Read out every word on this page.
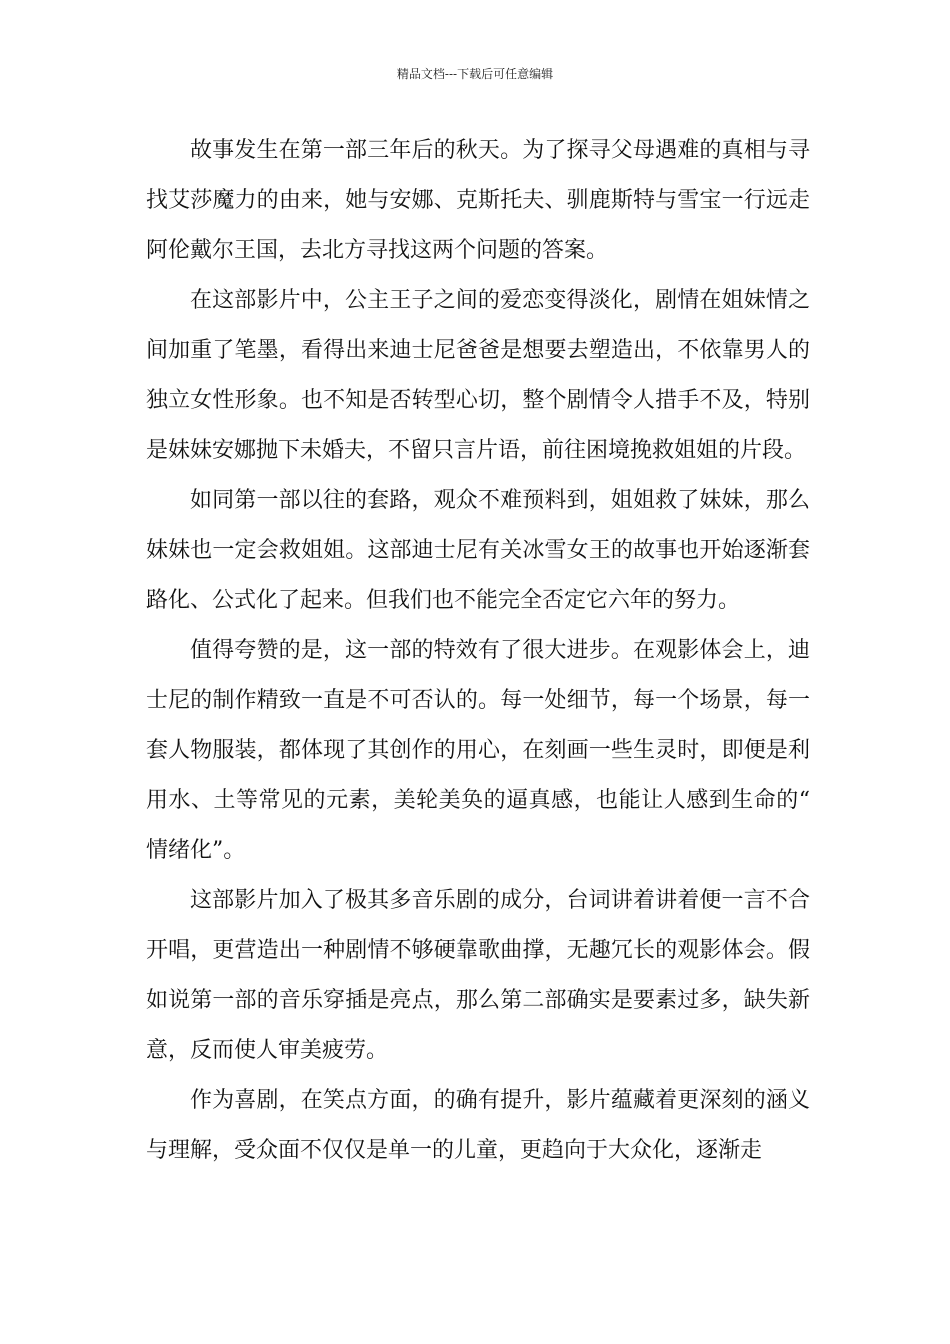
精品文档---下载后可任意编辑

故事发生在第一部三年后的秋天。为了探寻父母遇难的真相与寻找艾莎魔力的由来，她与安娜、克斯托夫、驯鹿斯特与雪宝一行远走阿伦戴尔王国，去北方寻找这两个问题的答案。

在这部影片中，公主王子之间的爱恋变得淡化，剧情在姐妹情之间加重了笔墨，看得出来迪士尼爸爸是想要去塑造出，不依靠男人的独立女性形象。也不知是否转型心切，整个剧情令人措手不及，特别是妹妹安娜抛下未婚夫，不留只言片语，前往困境挽救姐姐的片段。

如同第一部以往的套路，观众不难预料到，姐姐救了妹妹，那么妹妹也一定会救姐姐。这部迪士尼有关冰雪女王的故事也开始逐渐套路化、公式化了起来。但我们也不能完全否定它六年的努力。

值得夸赞的是，这一部的特效有了很大进步。在观影体会上，迪士尼的制作精致一直是不可否认的。每一处细节，每一个场景，每一套人物服装，都体现了其创作的用心，在刻画一些生灵时，即便是利用水、土等常见的元素，美轮美奂的逼真感，也能让人感到生命的“情绪化”。

这部影片加入了极其多音乐剧的成分，台词讲着讲着便一言不合开唱，更营造出一种剧情不够硬靠歌曲撑，无趣冗长的观影体会。假如说第一部的音乐穿插是亮点，那么第二部确实是要素过多，缺失新意，反而使人审美疲劳。

作为喜剧，在笑点方面，的确有提升，影片蕴藏着更深刻的涵义与理解，受众面不仅仅是单一的儿童，更趋向于大众化，逐渐走
